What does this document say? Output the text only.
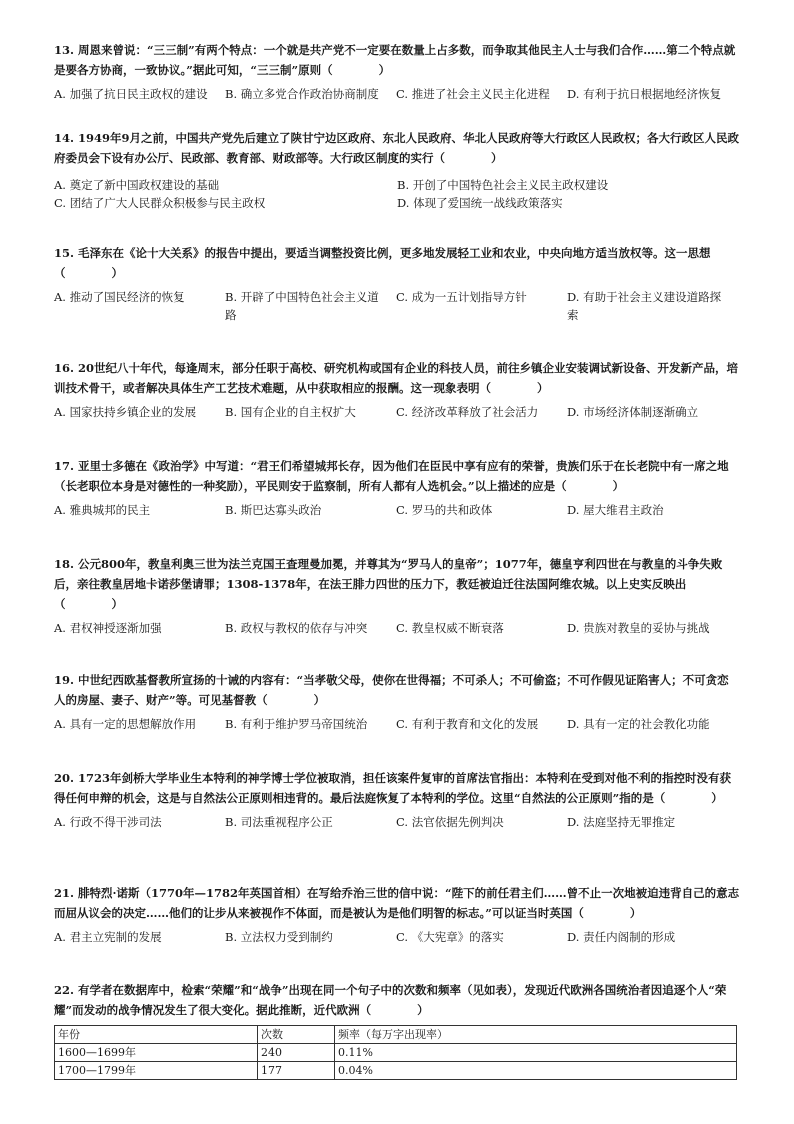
13. 周恩来曾说：“三三制”有两个特点：一个就是共产党不一定要在数量上占多数，而争取其他民主人士与我们合作……第二个特点就是要各方协商，一致协议。”据此可知，“三三制”原则（　　　　）

A. 加强了抗日民主政权的建设	B. 确立多党合作政治协商制度	C. 推进了社会主义民主化进程	D. 有利于抗日根据地经济恢复

14. 1949年9月之前，中国共产党先后建立了陕甘宁边区政府、东北人民政府、华北人民政府等大行政区人民政权；各大行政区人民政府委员会下设有办公厅、民政部、教育部、财政部等。大行政区制度的实行（　　　　）

A. 奠定了新中国政权建设的基础	B. 开创了中国特色社会主义民主政权建设
C. 团结了广大人民群众积极参与民主政权	D. 体现了爱国统一战线政策落实

15. 毛泽东在《论十大关系》的报告中提出，要适当调整投资比例，更多地发展轻工业和农业，中央向地方适当放权等。这一思想（　　　　）

A. 推动了国民经济的恢复	B. 开辟了中国特色社会主义道路
C. 成为一五计划指导方针	D. 有助于社会主义建设道路探索

16. 20世纪八十年代，每逢周末，部分任职于高校、研究机构或国有企业的科技人员，前往乡镇企业安装调试新设备、开发新产品，培训技术骨干，或者解决具体生产工艺技术难题，从中获取相应的报酬。这一现象表明（　　　　）

A. 国家扶持乡镇企业的发展	B. 国有企业的自主权扩大	C. 经济改革释放了社会活力	D. 市场经济体制逐渐确立

17. 亚里士多德在《政治学》中写道：“君王们希望城邦长存，因为他们在臣民中享有应有的荣誉，贵族们乐于在长老院中有一席之地（长老职位本身是对德性的一种奖励），平民则安于监察制，所有人都有人选机会。”以上描述的应是（　　　　）

A. 雅典城邦的民主	B. 斯巴达寡头政治	C. 罗马的共和政体	D. 屋大维君主政治

18. 公元800年，教皇利奥三世为法兰克国王查理曼加冕，并尊其为“罗马人的皇帝”；1077年，德皇亨利四世在与教皇的斗争失败后，亲往教皇居地卡诺莎堡请罪；1308-1378年，在法王腓力四世的压力下，教廷被迫迁往法国阿维农城。以上史实反映出（　　　　）

A. 君权神授逐渐加强	B. 政权与教权的依存与冲突	C. 教皇权威不断衰落	D. 贵族对教皇的妥协与挑战

19. 中世纪西欧基督教所宣扬的十诫的内容有：“当孝敬父母，使你在世得福；不可杀人；不可偷盗；不可作假见证陷害人；不可贪恋人的房屋、妻子、财产”等。可见基督教（　　　　）

A. 具有一定的思想解放作用	B. 有利于维护罗马帝国统治	C. 有利于教育和文化的发展	D. 具有一定的社会教化功能

20. 1723年剑桥大学毕业生本特利的神学博士学位被取消，担任该案件复审的首席法官指出：本特利在受到对他不利的指控时没有获得任何申辩的机会，这是与自然法公正原则相违背的。最后法庭恢复了本特利的学位。这里“自然法的公正原则”指的是（　　　　）

A. 行政不得干涉司法	B. 司法重视程序公正	C. 法官依据先例判决	D. 法庭坚持无罪推定

21. 腓特烈·诺斯（1770年—1782年英国首相）在写给乔治三世的信中说：“陛下的前任君主们……曾不止一次地被迫违背自己的意志而屈从议会的决定……他们的让步从来被视作不体面，而是被认为是他们明智的标志。”可以证当时英国（　　　　）

A. 君主立宪制的发展	B. 立法权力受到制约	C. 《大宪章》的落实	D. 责任内阁制的形成

22. 有学者在数据库中，检索“荣耀”和“战争”出现在同一个句子中的次数和频率（见如表），发现近代欧洲各国统治者因追逐个人“荣耀”而发动的战争情况发生了很大变化。据此推断，近代欧洲（　　　　）

年份	次数	频率（每万字出现率）
1600—1699年	240	0.11%
1700—1799年	177	0.04%
